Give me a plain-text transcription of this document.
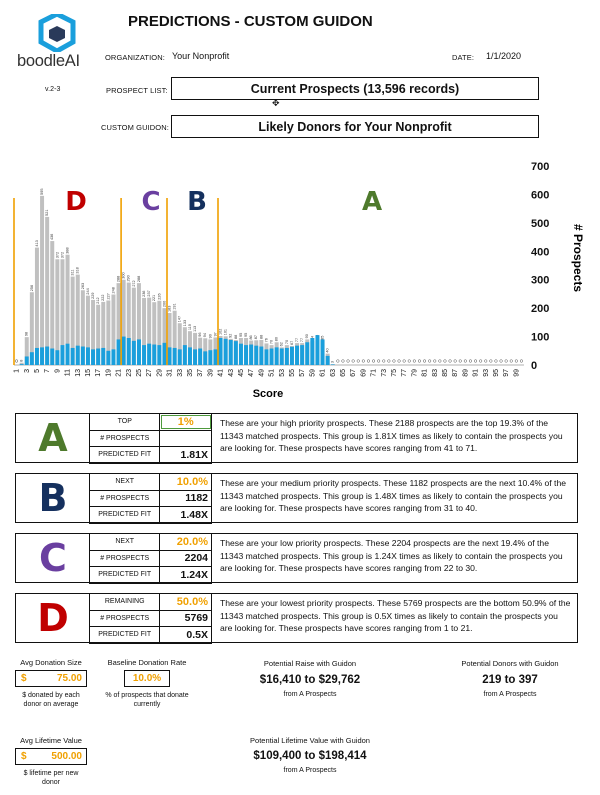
boodleAI
v.2-3
PREDICTIONS - CUSTOM GUIDON
ORGANIZATION: Your Nonprofit	DATE: 1/1/2020
PROSPECT LIST:	Current Prospects (13,596 records)
✥
CUSTOM GUIDON:	Likely Donors for Your Nonprofit
8
98
256
413
595
521
436
372 372
388
311 318
263
244
229
212 222 227
248
288
300 290
272
288
236 237
221 226
200
183 191
147
133
119 113
96 94 90 97 102 101
92 88 95 95
86 87 88
76 70
80
62
70 67
77 77
90	85
40
3
D C B	A
0
100
200
300
400
500
600
700
1 3 5 7 9 11 13 15 17 19 21 23 25 27 29 31 33 35 37 39 41 43 45 47 49 51 53 55 57 59 61 63 65 67 69 71 73 75 77 79 81 83 85 87 89 91 93 95 97 99
Score
# Prospects
A	TOP	1%
# PROSPECTS	
PREDICTED FIT	1.81X
These are your high priority prospects. These 2188 prospects are the top 19.3% of the 11343 matched prospects. This group is 1.81X times as likely to contain the prospects you are looking for. These prospects have scores ranging from 41 to 71.
B	NEXT	10.0%
# PROSPECTS	1182
PREDICTED FIT	1.48X
These are your medium priority prospects. These 1182 prospects are the next 10.4% of the 11343 matched prospects. This group is 1.48X times as likely to contain the prospects you are looking for. These prospects have scores ranging from 31 to 40.
C	NEXT	20.0%
# PROSPECTS	2204
PREDICTED FIT	1.24X
These are your low priority prospects. These 2204 prospects are the next 19.4% of the 11343 matched prospects. This group is 1.24X times as likely to contain the prospects you are looking for. These prospects have scores ranging from 22 to 30.
D	REMAINING	50.0%
# PROSPECTS	5769
PREDICTED FIT	0.5X
These are your lowest priority prospects. These 5769 prospects are the bottom 50.9% of the 11343 matched prospects. This group is 0.5X times as likely to contain the prospects you are looking for. These prospects have scores ranging from 1 to 21.
Avg Donation Size
$	75.00
$ donated by each donor on average
Baseline Donation Rate
10.0%
% of prospects that donate currently
Potential Raise with Guidon
$16,410 to $29,762
from A Prospects
Potential Donors with Guidon
219 to 397
from A Prospects
Avg Lifetime Value
$ 500.00
$ lifetime per new donor
Potential Lifetime Value with Guidon
$109,400 to $198,414
from A Prospects
